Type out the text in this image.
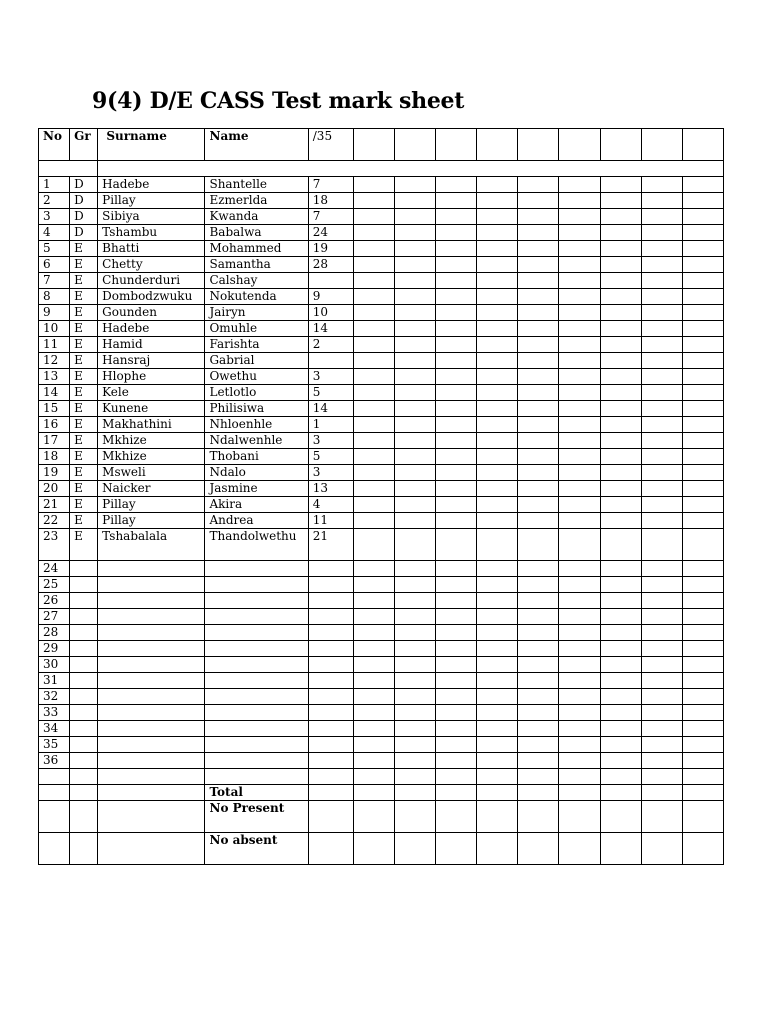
9(4) D/E CASS Test mark sheet
No	Gr	Surname	Name	/35									

1	D	Hadebe	Shantelle	7									
2	D	Pillay	Ezmerlda	18									
3	D	Sibiya	Kwanda	7									
4	D	Tshambu	Babalwa	24									
5	E	Bhatti	Mohammed	19									
6	E	Chetty	Samantha	28									
7	E	Chunderduri	Calshay										
8	E	Dombodzwuku	Nokutenda	9									
9	E	Gounden	Jairyn	10									
10	E	Hadebe	Omuhle	14									
11	E	Hamid	Farishta	2									
12	E	Hansraj	Gabrial										
13	E	Hlophe	Owethu	3									
14	E	Kele	Letlotlo	5									
15	E	Kunene	Philisiwa	14									
16	E	Makhathini	Nhloenhle	1									
17	E	Mkhize	Ndalwenhle	3									
18	E	Mkhize	Thobani	5									
19	E	Msweli	Ndalo	3									
20	E	Naicker	Jasmine	13									
21	E	Pillay	Akira	4									
22	E	Pillay	Andrea	11									
23	E	Tshabalala	Thandolwethu	21									
24													
25													
26													
27													
28													
29													
30													
31													
32													
33													
34													
35													
36													

			Total										
			No Present										
			No absent										
